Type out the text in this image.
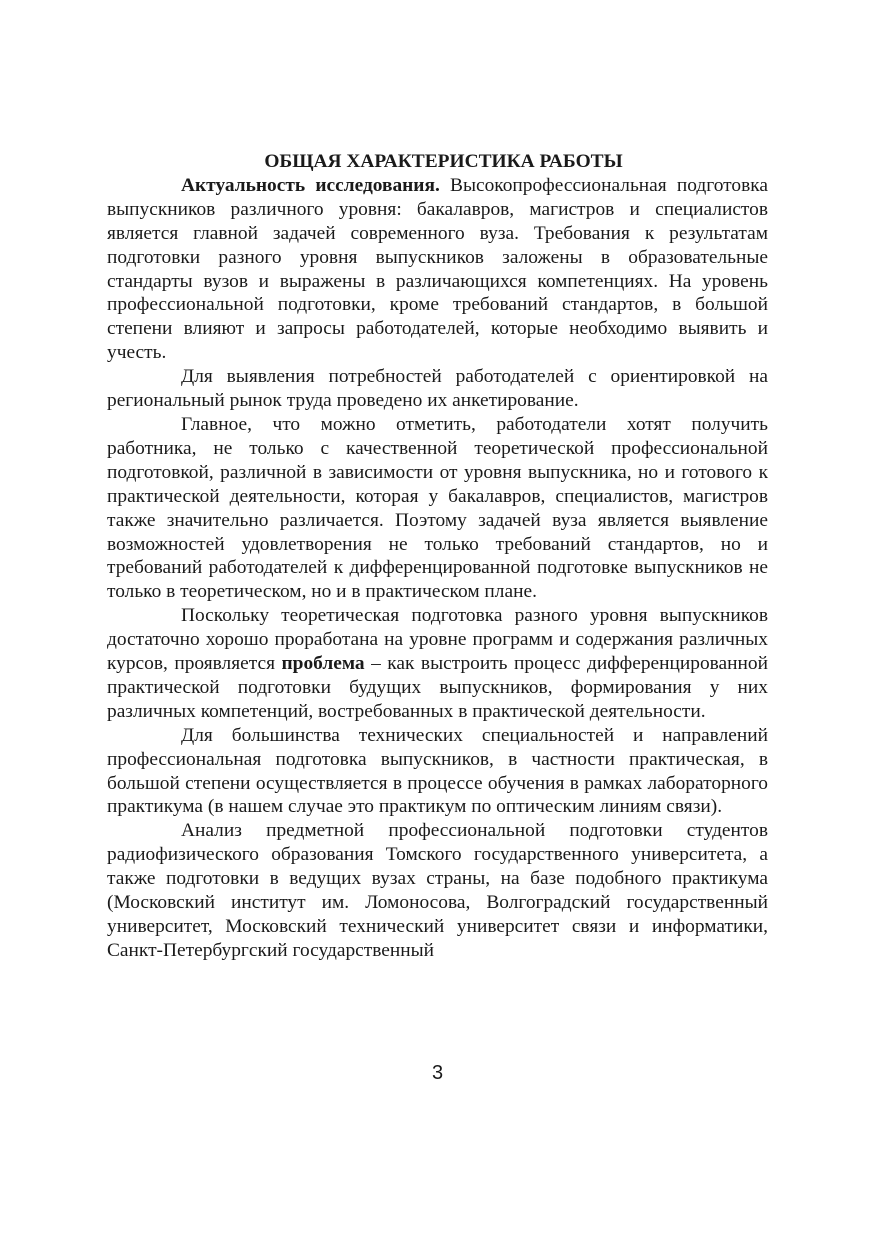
ОБЩАЯ ХАРАКТЕРИСТИКА РАБОТЫ

Актуальность исследования. Высокопрофессиональная подготовка выпускников различного уровня: бакалавров, магистров и специалистов является главной задачей современного вуза. Требования к результатам подготовки разного уровня выпускников заложены в образовательные стандарты вузов и выражены в различающихся компетенциях. На уровень профессиональной подготовки, кроме требований стандартов, в большой степени влияют и запросы работодателей, которые необходимо выявить и учесть.

Для выявления потребностей работодателей с ориентировкой на региональный рынок труда проведено их анкетирование.

Главное, что можно отметить, работодатели хотят получить работника, не только с качественной теоретической профессиональной подготовкой, различной в зависимости от уровня выпускника, но и готового к практической деятельности, которая у бакалавров, специалистов, магистров также значительно различается. Поэтому задачей вуза является выявление возможностей удовлетворения не только требований стандартов, но и требований работодателей к дифференцированной подготовке выпускников не только в теоретическом, но и в практическом плане.

Поскольку теоретическая подготовка разного уровня выпускников достаточно хорошо проработана на уровне программ и содержания различных курсов, проявляется проблема – как выстроить процесс дифференцированной практической подготовки будущих выпускников, формирования у них различных компетенций, востребованных в практической деятельности.

Для большинства технических специальностей и направлений профессиональная подготовка выпускников, в частности практическая, в большой степени осуществляется в процессе обучения в рамках лабораторного практикума (в нашем случае это практикум по оптическим линиям связи).

Анализ предметной профессиональной подготовки студентов радиофизического образования Томского государственного университета, а также подготовки в ведущих вузах страны, на базе подобного практикума (Московский институт им. Ломоносова, Волгоградский государственный университет, Московский технический университет связи и информатики, Санкт-Петербургский государственный

3
